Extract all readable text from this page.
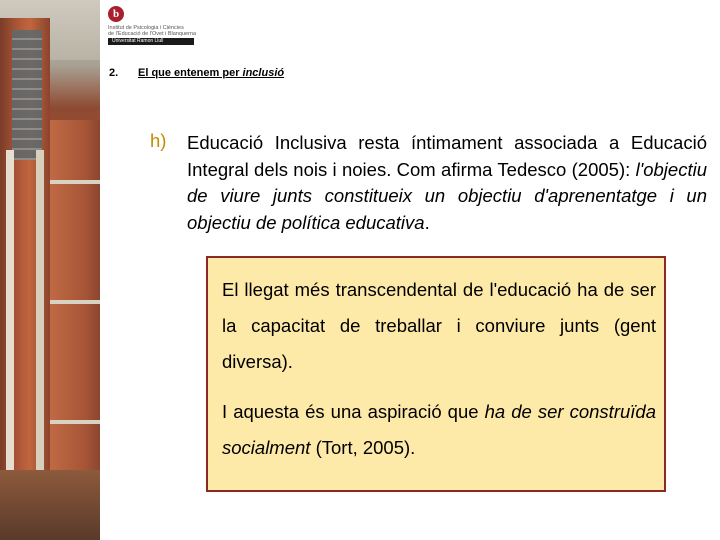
b
Institut de Psicologia i Ciències
de l'Educació de l'Ovet i Blanquerna
Universitat Ramon Llull
2. El que entenem per inclusió
h) Educació Inclusiva resta íntimament associada a Educació Integral dels nois i noies. Com afirma Tedesco (2005): l'objectiu de viure junts constitueix un objectiu d'aprenentatge i un objectiu de política educativa.

El llegat més transcendental de l'educació ha de ser la capacitat de treballar i conviure junts (gent diversa).

I aquesta és una aspiració que ha de ser construïda socialment (Tort, 2005).
